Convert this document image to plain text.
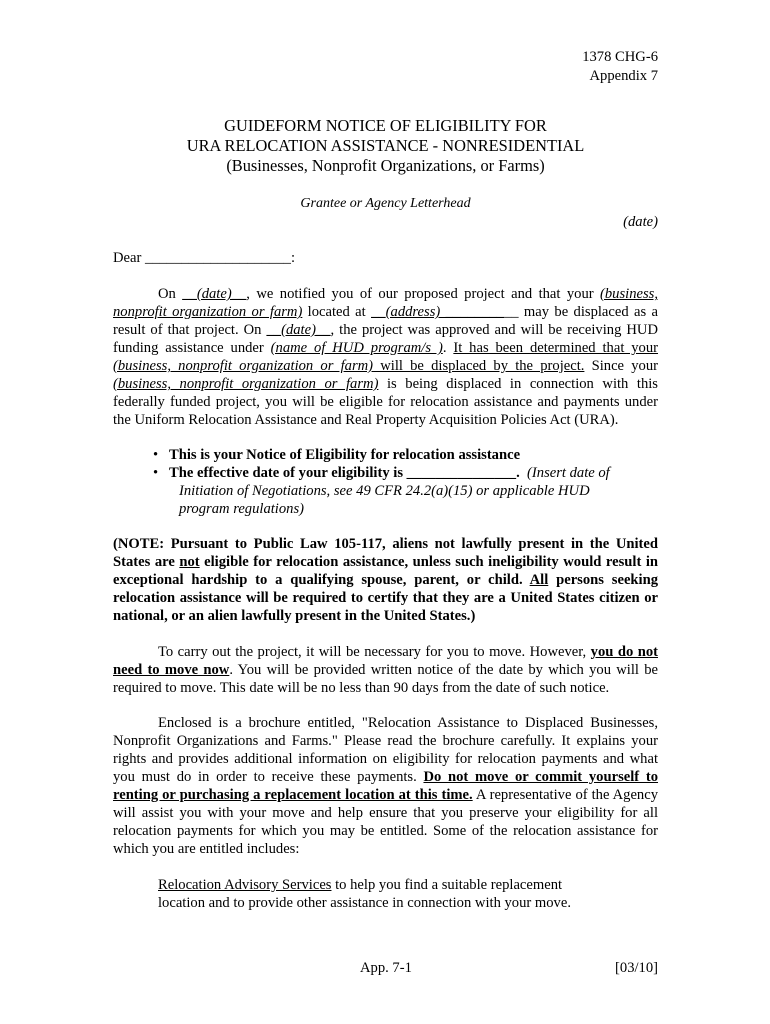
1378 CHG-6
Appendix 7
GUIDEFORM NOTICE OF ELIGIBILITY FOR
URA RELOCATION ASSISTANCE - NONRESIDENTIAL
(Businesses, Nonprofit Organizations, or Farms)
Grantee or Agency Letterhead
(date)
Dear ____________________:
On __(date)__, we notified you of our proposed project and that your (business, nonprofit organization or farm) located at __(address) __________ may be displaced as a result of that project. On __(date)__, the project was approved and will be receiving HUD funding assistance under (name of HUD program/s ). It has been determined that your (business, nonprofit organization or farm) will be displaced by the project. Since your (business, nonprofit organization or farm) is being displaced in connection with this federally funded project, you will be eligible for relocation assistance and payments under the Uniform Relocation Assistance and Real Property Acquisition Policies Act (URA).
• This is your Notice of Eligibility for relocation assistance
• The effective date of your eligibility is _______________. (Insert date of
Initiation of Negotiations, see 49 CFR 24.2(a)(15) or applicable HUD
program regulations)
(NOTE: Pursuant to Public Law 105-117, aliens not lawfully present in the United States are not eligible for relocation assistance, unless such ineligibility would result in exceptional hardship to a qualifying spouse, parent, or child. All persons seeking relocation assistance will be required to certify that they are a United States citizen or national, or an alien lawfully present in the United States.)
To carry out the project, it will be necessary for you to move. However, you do not need to move now. You will be provided written notice of the date by which you will be required to move. This date will be no less than 90 days from the date of such notice.
Enclosed is a brochure entitled, "Relocation Assistance to Displaced Businesses, Nonprofit Organizations and Farms." Please read the brochure carefully. It explains your rights and provides additional information on eligibility for relocation payments and what you must do in order to receive these payments. Do not move or commit yourself to renting or purchasing a replacement location at this time. A representative of the Agency will assist you with your move and help ensure that you preserve your eligibility for all relocation payments for which you may be entitled. Some of the relocation assistance for which you are entitled includes:
Relocation Advisory Services to help you find a suitable replacement
location and to provide other assistance in connection with your move.
App. 7-1	[03/10]
